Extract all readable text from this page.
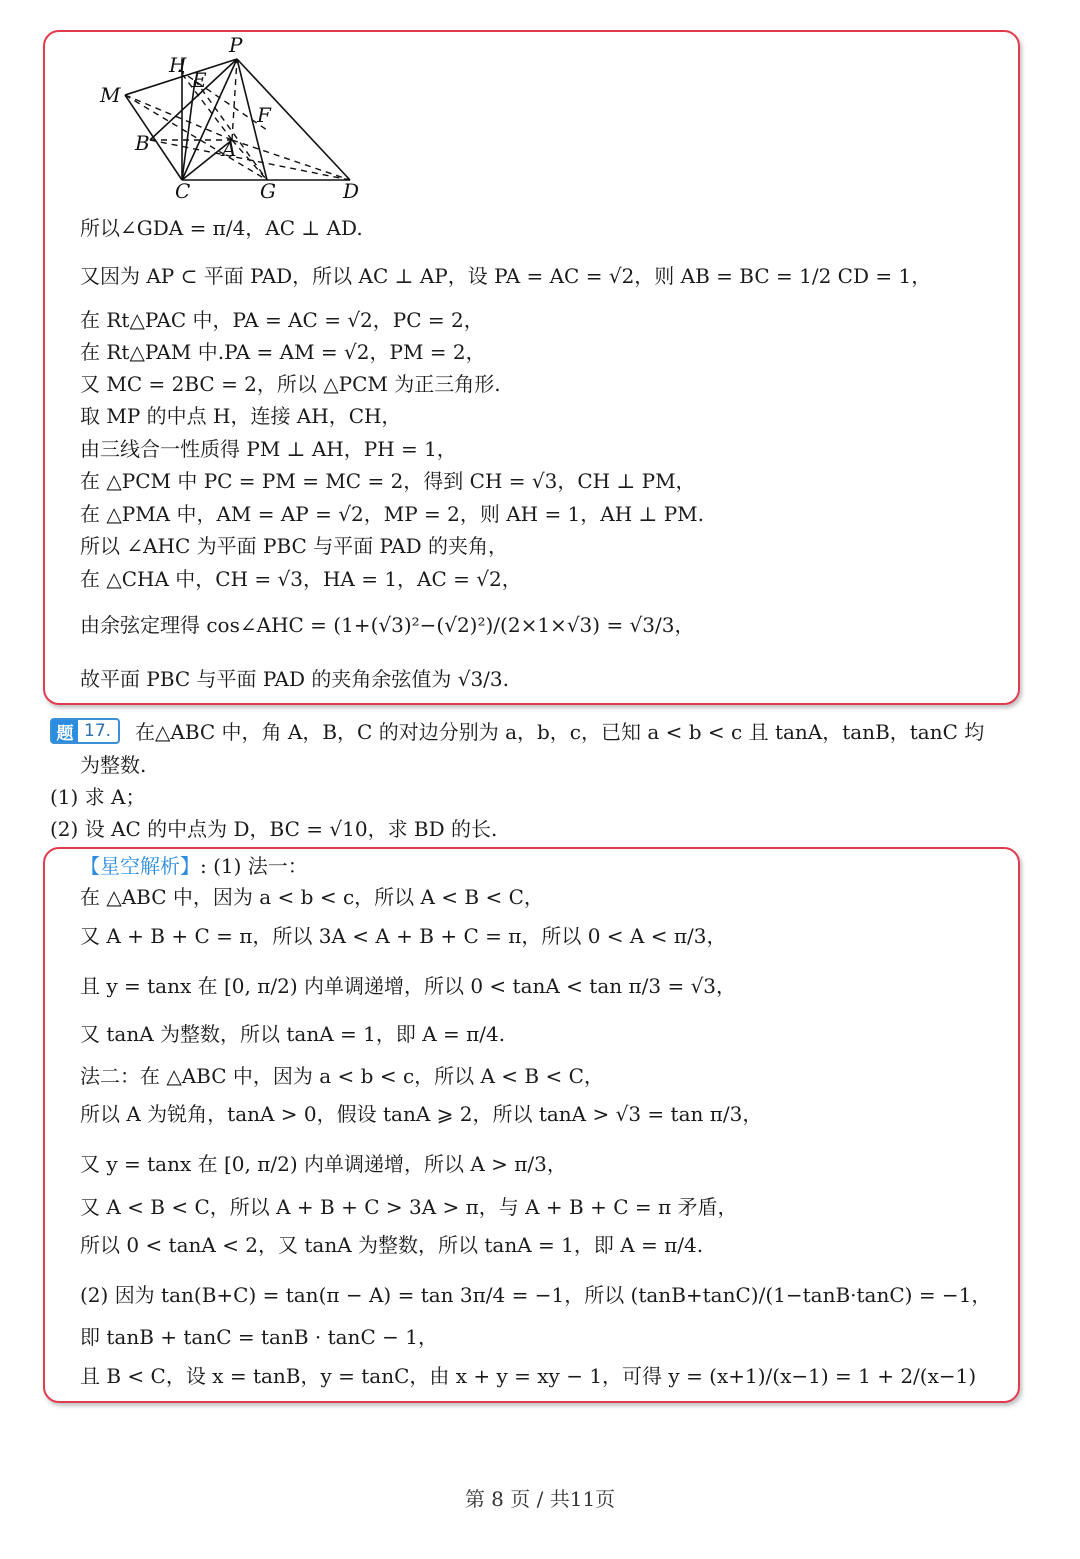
P
H
E
M
F
B	A
C	G	D
所以∠GDA = π/4，AC ⊥ AD.
又因为 AP ⊂ 平面 PAD，所以 AC ⊥ AP，设 PA = AC = √2，则 AB = BC = 1/2 CD = 1，
在 Rt△PAC 中，PA = AC = √2，PC = 2，
在 Rt△PAM 中.PA = AM = √2，PM = 2，
又 MC = 2BC = 2，所以 △PCM 为正三角形.
取 MP 的中点 H，连接 AH，CH，
由三线合一性质得 PM ⊥ AH，PH = 1，
在 △PCM 中 PC = PM = MC = 2，得到 CH = √3，CH ⊥ PM，
在 △PMA 中，AM = AP = √2，MP = 2，则 AH = 1，AH ⊥ PM.
所以 ∠AHC 为平面 PBC 与平面 PAD 的夹角，
在 △CHA 中，CH = √3，HA = 1，AC = √2，
由余弦定理得 cos∠AHC = (1+(√3)²−(√2)²)/(2×1×√3) = √3/3，
故平面 PBC 与平面 PAD 的夹角余弦值为 √3/3.
题 17. 在△ABC 中，角 A，B，C 的对边分别为 a，b，c，已知 a < b < c 且 tanA，tanB，tanC 均
为整数.
(1) 求 A；
(2) 设 AC 的中点为 D，BC = √10，求 BD 的长.
【星空解析】: (1) 法一：
在 △ABC 中，因为 a < b < c，所以 A < B < C，
又 A + B + C = π，所以 3A < A + B + C = π，所以 0 < A < π/3，
且 y = tanx 在 [0, π/2) 内单调递增，所以 0 < tanA < tan π/3 = √3，
又 tanA 为整数，所以 tanA = 1，即 A = π/4.
法二：在 △ABC 中，因为 a < b < c，所以 A < B < C，
所以 A 为锐角，tanA > 0，假设 tanA ⩾ 2，所以 tanA > √3 = tan π/3，
又 y = tanx 在 [0, π/2) 内单调递增，所以 A > π/3，
又 A < B < C，所以 A + B + C > 3A > π，与 A + B + C = π 矛盾，
所以 0 < tanA < 2，又 tanA 为整数，所以 tanA = 1，即 A = π/4.
(2) 因为 tan(B+C) = tan(π − A) = tan 3π/4 = −1，所以 (tanB+tanC)/(1−tanB·tanC) = −1，
即 tanB + tanC = tanB · tanC − 1，
且 B < C，设 x = tanB，y = tanC，由 x + y = xy − 1，可得 y = (x+1)/(x−1) = 1 + 2/(x−1)
第 8 页 / 共11页
